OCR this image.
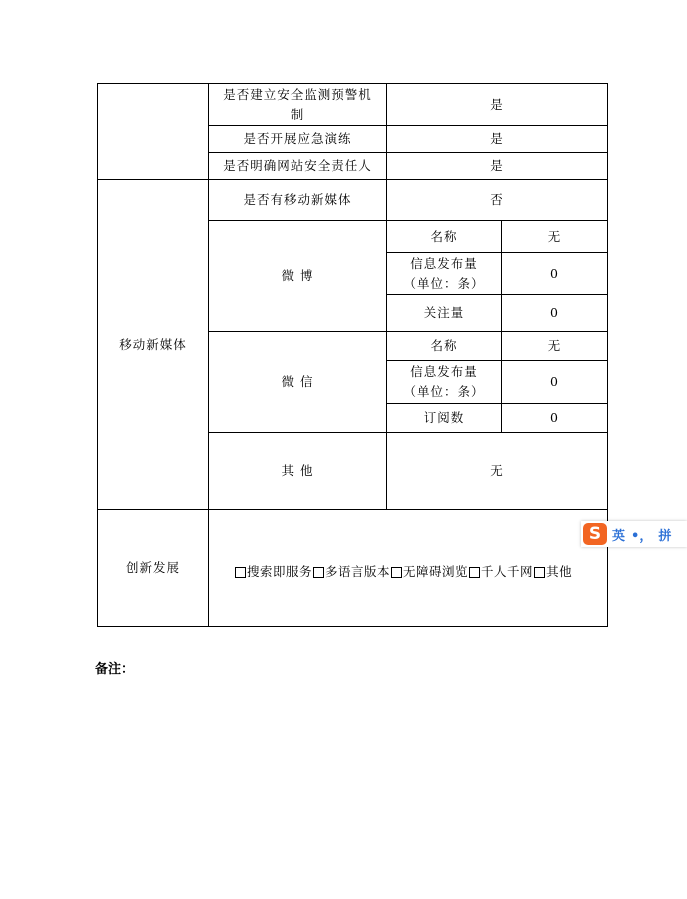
	是否建立安全监测预警机制	是	
	是否开展应急演练	是	
	是否明确网站安全责任人	是	
移动新媒体	是否有移动新媒体	否	
	微 博	名称	无
		信息发布量（单位：条）	0
		关注量	0
	微 信	名称	无
		信息发布量（单位：条）	0
		订阅数	0
	其 他	无	
创新发展	搜索即服务 多语言版本 无障碍浏览 千人千网 其他		
备注：
S 英 •， 拼
